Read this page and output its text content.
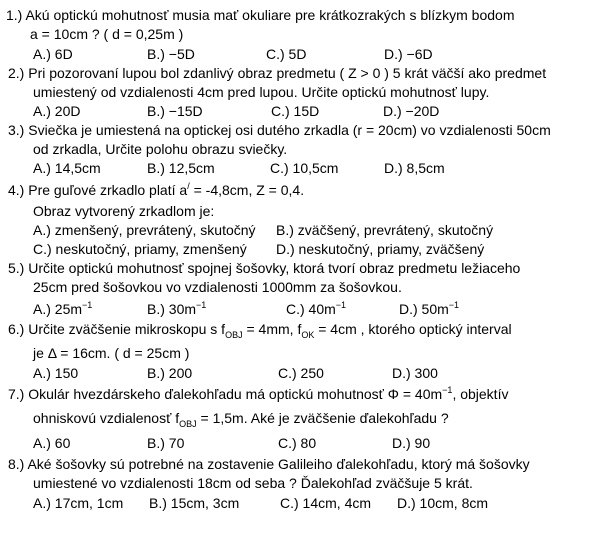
1.) Akú optickú mohutnosť musia mať okuliare pre krátkozrakých s blízkym bodom
a = 10cm ? ( d = 0,25m )
A.) 6D	B.) −5D	C.) 5D	D.) −6D
2.) Pri pozorovaní lupou bol zdanlivý obraz predmetu ( Z > 0 ) 5 krát väčší ako predmet
umiestený od vzdialenosti 4cm pred lupou. Určite optickú mohutnosť lupy.
A.) 20D	B.) −15D	C.) 15D	D.) −20D
3.) Sviečka je umiestená na optickej osi dutého zrkadla (r = 20cm) vo vzdialenosti 50cm
od zrkadla, Určite polohu obrazu sviečky.
A.) 14,5cm	B.) 12,5cm	C.) 10,5cm	D.) 8,5cm
4.) Pre guľové zrkadlo platí a/ = -4,8cm, Z = 0,4.
Obraz vytvorený zrkadlom je:
A.) zmenšený, prevrátený, skutočný B.) zväčšený, prevrátený, skutočný
C.) neskutočný, priamy, zmenšený D.) neskutočný, priamy, zväčšený
5.) Určite optickú mohutnosť spojnej šošovky, ktorá tvorí obraz predmetu ležiaceho
25cm pred šošovkou vo vzdialenosti 1000mm za šošovkou.
A.) $25m^{-1}$	B.) $30m^{-1}$	C.) $40m^{-1}$	D.) $50m^{-1}$
6.) Určite zväčšenie mikroskopu s $f_{OBJ} = 4mm$, $f_{OK} = 4cm$ , ktorého optický interval
je Δ = 16cm. ( d = 25cm )
A.) 150	B.) 200	C.) 250	D.) 300
7.) Okulár hvezdárskeho ďalekohľadu má optickú mohutnosť $\Phi = 40m^{-1}$, objektív
ohniskovú vzdialenosť $f_{OBJ} = 1,5m$. Aké je zväčšenie ďalekohľadu ?
A.) 60	B.) 70	C.) 80	D.) 90
8.) Aké šošovky sú potrebné na zostavenie Galileiho ďalekohľadu, ktorý má šošovky
umiestené vo vzdialenosti 18cm od seba ? Ďalekohľad zväčšuje 5 krát.
A.) 17cm, 1cm B.) 15cm, 3cm	C.) 14cm, 4cm D.) 10cm, 8cm
